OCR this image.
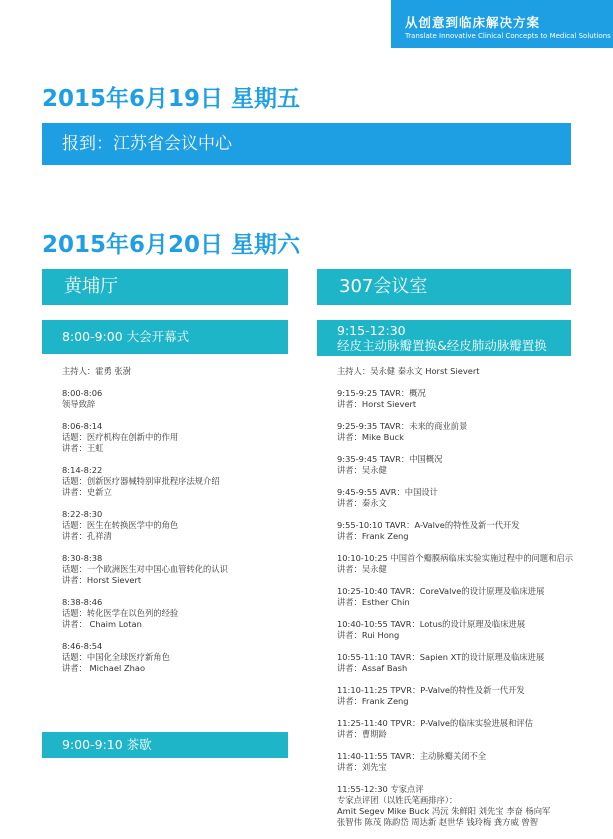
从创意到临床解决方案
Translate Innovative Clinical Concepts to Medical Solutions
2015年6月19日 星期五
报到：江苏省会议中心
2015年6月20日 星期六
黄埔厅	307会议室
8:00-9:00 大会开幕式	9:15-12:30
经皮主动脉瓣置换&经皮肺动脉瓣置换
主持人：霍勇 张澍
8:00-8:06
领导致辞
8:06-8:14
话题：医疗机构在创新中的作用
讲者：王虹
8:14-8:22
话题：创新医疗器械特别审批程序法规介绍
讲者：史新立
8:22-8:30
话题：医生在转换医学中的角色
讲者：孔祥清
8:30-8:38
话题：一个欧洲医生对中国心血管转化的认识
讲者：Horst Sievert
8:38-8:46
话题：转化医学在以色列的经验
讲者： Chaim Lotan
8:46-8:54
话题：中国化全球医疗新角色
讲者： Michael Zhao
主持人：吴永健 秦永文 Horst Sievert
9:15-9:25 TAVR：概况
讲者：Horst Sievert
9:25-9:35 TAVR：未来的商业前景
讲者：Mike Buck
9:35-9:45 TAVR：中国概况
讲者：吴永健
9:45-9:55 AVR：中国设计
讲者：秦永文
9:55-10:10 TAVR：A-Valve的特性及新一代开发
讲者：Frank Zeng
10:10-10:25 中国首个瓣膜病临床实验实施过程中的问题和启示
讲者：吴永健
10:25-10:40 TAVR：CoreValve的设计原理及临床进展
讲者：Esther Chin
10:40-10:55 TAVR：Lotus的设计原理及临床进展
讲者：Rui Hong
10:55-11:10 TAVR：Sapien XT的设计原理及临床进展
讲者：Assaf Bash
11:10-11:25 TPVR：P-Valve的特性及新一代开发
讲者：Frank Zeng
11:25-11:40 TPVR：P-Valve的临床实验进展和评估
讲者：曹期龄
11:40-11:55 TAVR：主动脉瓣关闭不全
讲者：刘先宝
11:55-12:30 专家点评
专家点评团（以姓氏笔画排序）：
Amit Segev Mike Buck 冯沅 朱鲜阳 刘先宝 李奋 杨向军
张智伟 陈茂 陈韵岱 周达新 赵世华 钱玲梅 龚方威 曾智
9:00-9:10 茶歇
